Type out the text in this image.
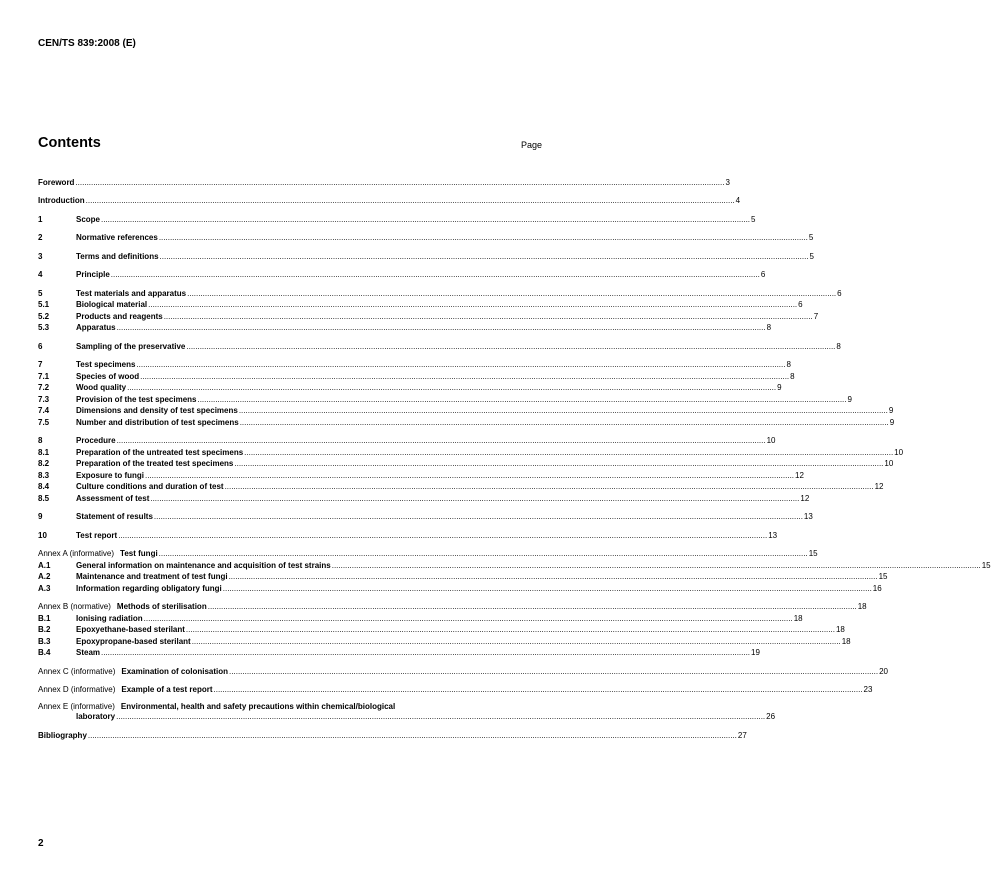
CEN/TS 839:2008 (E)
Contents	Page
Foreword .....	3
Introduction .....	4
1	Scope .....	5
2	Normative references .....	5
3	Terms and definitions .....	5
4	Principle .....	6
5	Test materials and apparatus .....	6
5.1	Biological material .....	6
5.2	Products and reagents .....	7
5.3	Apparatus .....	8
6	Sampling of the preservative .....	8
7	Test specimens .....	8
7.1	Species of wood .....	8
7.2	Wood quality .....	9
7.3	Provision of the test specimens .....	9
7.4	Dimensions and density of test specimens .....	9
7.5	Number and distribution of test specimens .....	9
8	Procedure .....	10
8.1	Preparation of the untreated test specimens .....	10
8.2	Preparation of the treated test specimens .....	10
8.3	Exposure to fungi .....	12
8.4	Culture conditions and duration of test .....	12
8.5	Assessment of test .....	12
9	Statement of results .....	13
10	Test report .....	13
Annex A (informative) Test fungi .....	15
A.1	General information on maintenance and acquisition of test strains .....	15
A.2	Maintenance and treatment of test fungi .....	15
A.3	Information regarding obligatory fungi .....	16
Annex B (normative) Methods of sterilisation .....	18
B.1	Ionising radiation .....	18
B.2	Epoxyethane-based sterilant .....	18
B.3	Epoxypropane-based sterilant .....	18
B.4	Steam .....	19
Annex C (informative) Examination of colonisation .....	20
Annex D (informative) Example of a test report .....	23
Annex E (informative) Environmental, health and safety precautions within chemical/biological
laboratory .....	26
Bibliography .....	27
2
